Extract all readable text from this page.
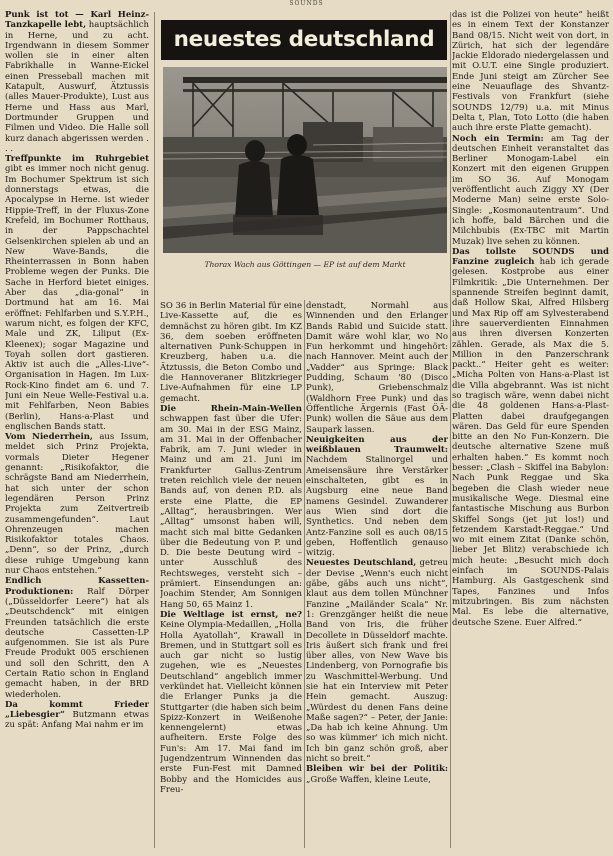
SOUNDS

Punk ist tot — Karl Heinz-Tanzkapelle lebt, hauptsächlich in Herne, und zu acht. Irgendwann in diesem Sommer wollen sie in einer alten Fabrikhalle in Wanne-Eickel einen Presseball machen mit Katapult, Auswurf, Ätztussis (alles Mauer-Produkte), Lust aus Herne und Hass aus Marl, Dortmunder Gruppen und Filmen und Video. Die Halle soll kurz danach abgerissen werden . . .

Treffpunkte im Ruhrgebiet gibt es immer noch nicht genug. Im Bochumer Spektrum ist sich donnerstags etwas, die Apocalypse in Herne. ist wieder Hippie-Treff, in der Fluxus-Zone Krefeld, im Bochumer Rotthaus, in der Pappschachtel Gelsenkirchen spielen ab und an New Wave-Bands, die Rheinterrassen in Bonn haben Probleme wegen der Punks. Die Sache in Herford bietet einiges. Aber das „dia-gonal“ in Dortmund hat am 16. Mai eröffnet: Fehlfarben und S.Y.P.H., warum nicht, es folgen der KFC, Male und ZK, Liliput (Ex-Kleenex); sogar Magazine und Toyah sollen dort gastieren. Aktiv ist auch die „Alles-Live“-Organisation in Hagen. Im Lux-Rock-Kino findet am 6. und 7. Juni ein Neue Welle-Festival u.a. mit Fehlfarben, Neon Babies (Berlin), Hans-a-Plast und englischen Bands statt.

Vom Niederrhein, aus Issum, meldet sich Prinz Projekta, vormals Dieter Hegener genannt: „Risikofaktor, die schrägste Band am Niederrhein, hat sich unter der schon legendären Person Prinz Projekta zum Zeitvertreib zusammengefunden“. Laut Ohrenzeugen machen Risikofaktor totales Chaos. „Denn“, so der Prinz, „durch diese ruhige Umgebung kann nur Chaos entstehen.“

Endlich Kassetten-Produktionen: Ralf Dörper („Düsseldorfer Leere“) hat als „Deutschdenck“ mit einigen Freunden tatsächlich die erste deutsche Cassetten-LP aufgenommen. Sie ist als Pure Freude Produkt 005 erschienen und soll den Schritt, den A Certain Ratio schon in England gemacht haben, in der BRD wiederholen.

Da kommt Frieder „Liebesgier“ Butzmann etwas zu spät: Anfang Mai nahm er im

neuestes deutschland
Thorax Wach aus Göttingen — EP ist auf dem Markt

SO 36 in Berlin Material für eine Live-Kassette auf, die es demnächst zu hören gibt. Im KZ 36, dem soeben eröffneten alternativen Punk-Schuppen in Kreuzberg, haben u.a. die Ätztussis, die Beton Combo und die Hannoveraner Blitzkrieger Live-Aufnahmen für eine LP gemacht.

Die Rhein-Main-Wellen schwappen fast über die Ufer: am 30. Mai in der ESG Mainz, am 31. Mai in der Offenbacher Fabrik, am 7. Juni wieder in Mainz und am 21. Juni im Frankfurter Gallus-Zentrum treten reichlich viele der neuen Bands auf, von denen P.D. als erste eine Platte, die EP „Alltag“, herausbringen. Wer „Alltag“ umsonst haben will, macht sich mal bitte Gedanken über die Bedeutung von P. und D. Die beste Deutung wird – unter Ausschluß des Rechtsweges, versteht sich – prämiert. Einsendungen an: Joachim Stender, Am Sonnigen Hang 50, 65 Mainz 1.

Die Weltlage ist ernst, ne? Keine Olympia-Medaillen, „Holla Holla Ayatollah“, Krawall in Bremen, und in Stuttgart soll es auch gar nicht so lustig zugehen, wie es „Neuestes Deutschland“ angeblich immer verkündet hat. Vielleicht können die Erlanger Punks ja die Stuttgarter (die haben sich beim Spizz-Konzert in Weißenohe kennengelernt) etwas aufheitern. Erste Folge des Fun's: Am 17. Mai fand im Jugendzentrum Winnenden das erste Fun-Fest mit Damned Bobby and the Homicides aus Freu-

denstadt, Normahl aus Winnenden und den Erlanger Bands Rabid und Suicide statt. Damit wäre wohl klar, wo No Fun herkommt und hingehört: nach Hannover. Meint auch der „Vadder“ aus Springe: Black Pudding, Schaum '80 (Disco Punk), Griebenschmalz (Waldhorn Free Punk) und das Öffentliche Ärgernis (Fast ÖÄ-Punk) wollen die Säue aus dem Saupark lassen.

Neuigkeiten aus der weißblauen Traumwelt: Nachdem Stalinorgel und Ameisensäure ihre Verstärker einschalteten, gibt es in Augsburg eine neue Band namens Gesindel. Zuwanderer aus Wien sind dort die Synthetics. Und neben dem Antz-Fanzine soll es auch 08/15 geben, Hoffentlich genauso witzig.

Neuestes Deutschland, getreu der Devise „Wenn's euch nicht gäbe, gäbs auch uns nicht“, klaut aus dem tollen Münchner Fanzine „Mailänder Scala“ Nr. 1: Grenzgänger heißt die neue Band von Iris, die früher Decollete in Düsseldorf machte. Iris äußert sich frank und frei über alles, von New Wave bis Lindenberg, von Pornografie bis zu Waschmittel-Werbung. Und sie hat ein Interview mit Peter Hein gemacht. Auszug: „Würdest du denen Fans deine Maße sagen?“ – Peter, der Janie: „Da hab ich keine Ahnung. Um so was kümmer' ich mich nicht. Ich bin ganz schön groß, aber nicht so breit.“

Bleiben wir bei der Politik: „Große Waffen, kleine Leute,

das ist die Polizei von heute“ heißt es in einem Text der Konstanzer Band 08/15. Nicht weit von dort, in Zürich, hat sich der legendäre Jackie Eldorado niedergelassen und mit O.U.T. eine Single produziert. Ende Juni steigt am Zürcher See eine Neuauflage des Shvantz-Festivals von Frankfurt (siehe SOUNDS 12/79) u.a. mit Minus Delta t, Plan, Toto Lotto (die haben auch ihre erste Platte gemacht).

Noch ein Termin: am Tag der deutschen Einheit veranstaltet das Berliner Monogam-Label ein Konzert mit den eigenen Gruppen im SO 36. Auf Monogam veröffentlicht auch Ziggy XY (Der Moderne Man) seine erste Solo-Single: „Kosmonautentraum“. Und ich hoffe, bald Bärchen und die Milchbubis (Ex-TBC mit Martin Muzak) live sehen zu können.

Das tollste SOUNDS und Fanzine zugleich hab ich gerade gelesen. Kostprobe aus einer Filmkritik: „Die Unternehmen. Der spannende Streifen beginnt damit, daß Hollow Skai, Alfred Hilsberg und Max Rip off am Sylvesterabend ihre sauerverdienten Einnahmen aus ihren diversen Konzerten zählen. Gerade, als Max die 5. Million in den Panzerschrank packt..“ Heiter geht es weiter: „Micha Polten von Hans-a-Plast ist die Villa abgebrannt. Was ist nicht so tragisch wäre, wenn dabei nicht die 48 goldenen Hans-a-Plast-Platten dabei draufgegangen wären. Das Geld für eure Spenden bitte an den No Fun-Konzern. Die deutsche alternative Szene muß erhalten haben.“ Es kommt noch besser: „Clash – Skiffel ina Babylon: Nach Punk Reggae und Ska begeben die Clash wieder neue musikalische Wege. Diesmal eine fantastische Mischung aus Burbon Skiffel Songs (jet jut los!) und fetzendem Karstadt-Reggae.“ Und wo mit einem Zitat (Danke schön, lieber Jet Blitz) verabschiede ich mich heute: „Besucht mich doch einfach im SOUNDS-Palais Hamburg. Als Gastgeschenk sind Tapes, Fanzines und Infos mitzubringen. Bis zum nächsten Mal. Es lebe die alternative, deutsche Szene. Euer Alfred.“
